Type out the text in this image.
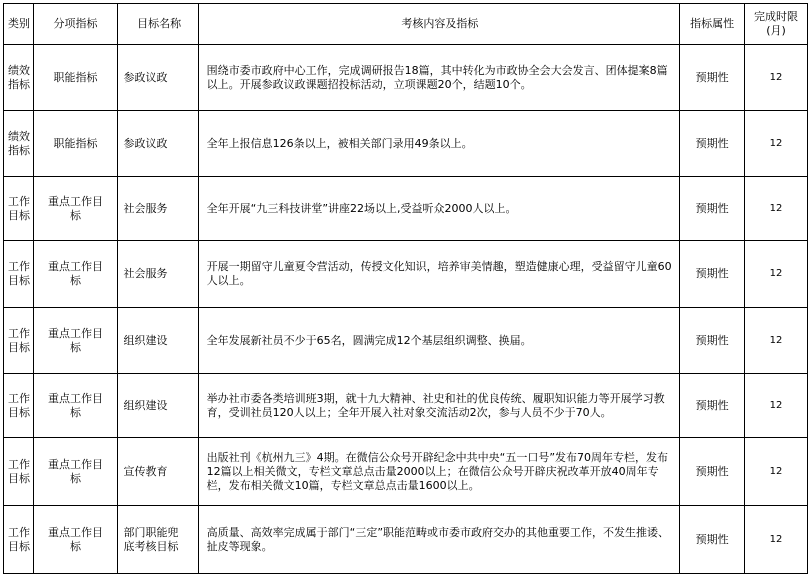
类别	分项指标	目标名称	考核内容及指标	指标属性	完成时限(月)
绩效指标	职能指标	参政议政	围绕市委市政府中心工作，完成调研报告18篇，其中转化为市政协全会大会发言、团体提案8篇以上。开展参政议政课题招投标活动，立项课题20个，结题10个。	预期性	12
绩效指标	职能指标	参政议政	全年上报信息126条以上，被相关部门录用49条以上。	预期性	12
工作目标	重点工作目标	社会服务	全年开展“九三科技讲堂”讲座22场以上,受益听众2000人以上。	预期性	12
工作目标	重点工作目标	社会服务	开展一期留守儿童夏令营活动，传授文化知识，培养审美情趣，塑造健康心理，受益留守儿童60人以上。	预期性	12
工作目标	重点工作目标	组织建设	全年发展新社员不少于65名，圆满完成12个基层组织调整、换届。	预期性	12
工作目标	重点工作目标	组织建设	举办社市委各类培训班3期，就十九大精神、社史和社的优良传统、履职知识能力等开展学习教育，受训社员120人以上；全年开展入社对象交流活动2次，参与人员不少于70人。	预期性	12
工作目标	重点工作目标	宣传教育	出版社刊《杭州九三》4期。在微信公众号开辟纪念中共中央“五一口号”发布70周年专栏，发布12篇以上相关微文，专栏文章总点击量2000以上；在微信公众号开辟庆祝改革开放40周年专栏，发布相关微文10篇，专栏文章总点击量1600以上。	预期性	12
工作目标	重点工作目标	部门职能兜底考核目标	高质量、高效率完成属于部门“三定”职能范畴或市委市政府交办的其他重要工作，不发生推诿、扯皮等现象。	预期性	12
